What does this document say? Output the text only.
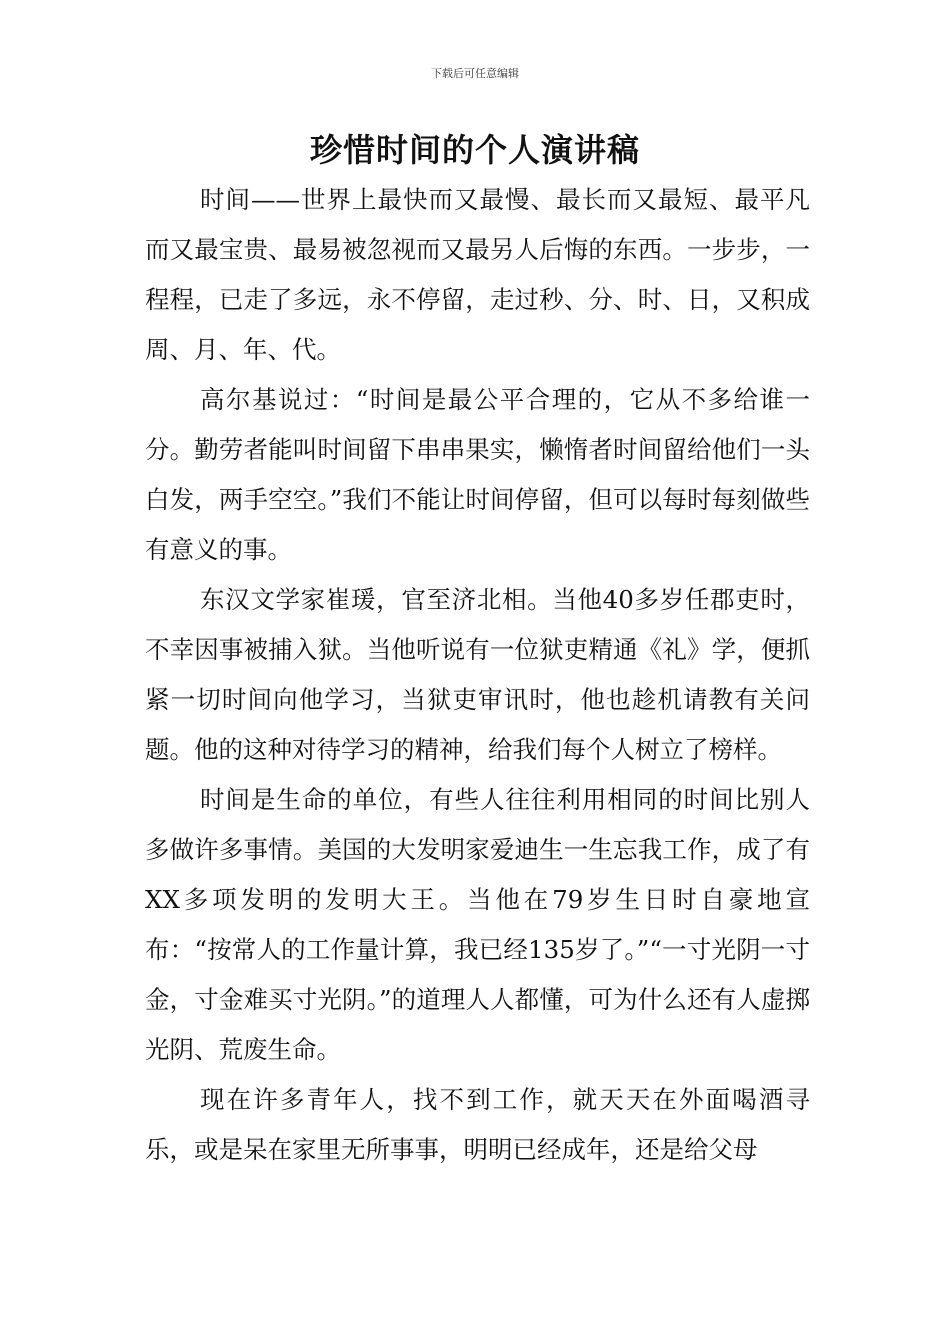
下载后可任意编辑
珍惜时间的个人演讲稿

时间——世界上最快而又最慢、最长而又最短、最平凡而又最宝贵、最易被忽视而又最另人后悔的东西。一步步，一程程，已走了多远，永不停留，走过秒、分、时、日，又积成周、月、年、代。

高尔基说过：“时间是最公平合理的，它从不多给谁一分。勤劳者能叫时间留下串串果实，懒惰者时间留给他们一头白发，两手空空。”我们不能让时间停留，但可以每时每刻做些有意义的事。

东汉文学家崔瑗，官至济北相。当他40多岁任郡吏时，不幸因事被捕入狱。当他听说有一位狱吏精通《礼》学，便抓紧一切时间向他学习，当狱吏审讯时，他也趁机请教有关问题。他的这种对待学习的精神，给我们每个人树立了榜样。

时间是生命的单位，有些人往往利用相同的时间比别人多做许多事情。美国的大发明家爱迪生一生忘我工作，成了有XX多项发明的发明大王。当他在79岁生日时自豪地宣布：“按常人的工作量计算，我已经135岁了。”“一寸光阴一寸金，寸金难买寸光阴。”的道理人人都懂，可为什么还有人虚掷光阴、荒废生命。

现在许多青年人，找不到工作，就天天在外面喝酒寻乐，或是呆在家里无所事事，明明已经成年，还是给父母
